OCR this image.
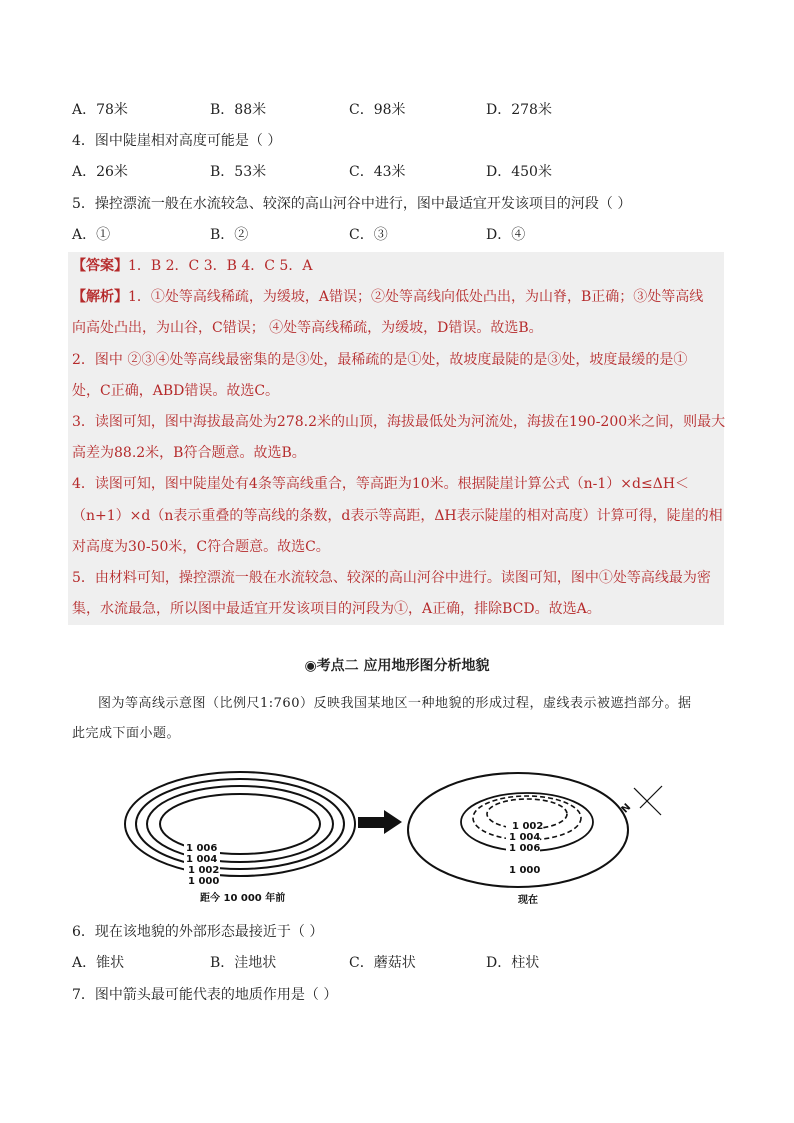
A．78米	B．88米	C．98米	D．278米
4．图中陡崖相对高度可能是（ ）
A．26米	B．53米	C．43米	D．450米
5．操控漂流一般在水流较急、较深的高山河谷中进行，图中最适宜开发该项目的河段（ ）
A．①	B．②	C．③	D．④
【答案】1．B 2．C 3．B 4．C 5．A
【解析】1．①处等高线稀疏，为缓坡，A错误；②处等高线向低处凸出，为山脊，B正确；③处等高线
向高处凸出，为山谷，C错误； ④处等高线稀疏，为缓坡，D错误。故选B。
2．图中 ②③④处等高线最密集的是③处，最稀疏的是①处，故坡度最陡的是③处，坡度最缓的是①
处，C正确，ABD错误。故选C。
3．读图可知，图中海拔最高处为278.2米的山顶，海拔最低处为河流处，海拔在190-200米之间，则最大
高差为88.2米，B符合题意。故选B。
4．读图可知，图中陡崖处有4条等高线重合，等高距为10米。根据陡崖计算公式（n-1）×d≤ΔH＜
（n+1）×d（n表示重叠的等高线的条数，d表示等高距，ΔH表示陡崖的相对高度）计算可得，陡崖的相
对高度为30-50米，C符合题意。故选C。
5．由材料可知，操控漂流一般在水流较急、较深的高山河谷中进行。读图可知，图中①处等高线最为密
集，水流最急，所以图中最适宜开发该项目的河段为①，A正确，排除BCD。故选A。
◉考点二 应用地形图分析地貌
图为等高线示意图（比例尺1:760）反映我国某地区一种地貌的形成过程，虚线表示被遮挡部分。据
此完成下面小题。
1 006
1 004
1 002
1 000
距今 10 000 年前
1 002
1 004
1 006
1 000
现在
N
6．现在该地貌的外部形态最接近于（ ）
A．锥状	B．洼地状	C．蘑菇状	D．柱状
7．图中箭头最可能代表的地质作用是（ ）
